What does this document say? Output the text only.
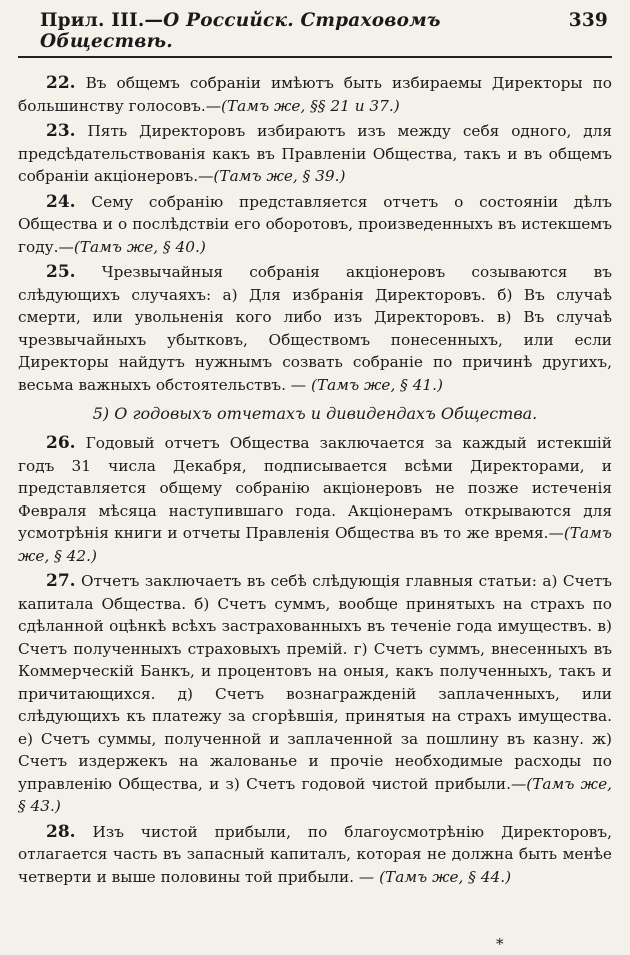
Прил. III.—О Российск. Страховомъ Обществѣ.
339

22. Въ общемъ собраніи имѣютъ быть избираемы Директоры по большинству голосовъ.—(Тамъ же, §§ 21 и 37.)

23. Пять Директоровъ избираютъ изъ между себя одного, для предсѣдательствованія какъ въ Правленіи Общества, такъ и въ общемъ собраніи акціонеровъ.—(Тамъ же, § 39.)

24. Сему собранію представляется отчетъ о состояніи дѣлъ Общества и о послѣдствіи его оборотовъ, произведенныхъ въ истекшемъ году.—(Тамъ же, § 40.)

25. Чрезвычайныя собранія акціонеровъ созываются въ слѣдующихъ случаяхъ: а) Для избранія Директоровъ. б) Въ случаѣ смерти, или увольненія кого либо изъ Директоровъ. в) Въ случаѣ чрезвычайныхъ убытковъ, Обществомъ понесенныхъ, или если Директоры найдутъ нужнымъ созвать собраніе по причинѣ другихъ, весьма важныхъ обстоятельствъ. — (Тамъ же, § 41.)

5) О годовыхъ отчетахъ и дивидендахъ Общества.

26. Годовый отчетъ Общества заключается за каждый истекшій годъ 31 числа Декабря, подписывается всѣми Директорами, и представляется общему собранію акціонеровъ не позже истеченія Февраля мѣсяца наступившаго года. Акціонерамъ открываются для усмотрѣнія книги и отчеты Правленія Общества въ то же время.—(Тамъ же, § 42.)

27. Отчетъ заключаетъ въ себѣ слѣдующія главныя статьи: а) Счетъ капитала Общества. б) Счетъ суммъ, вообще принятыхъ на страхъ по сдѣланной оцѣнкѣ всѣхъ застрахованныхъ въ теченіе года имуществъ. в) Счетъ полученныхъ страховыхъ премій. г) Счетъ суммъ, внесенныхъ въ Коммерческій Банкъ, и процентовъ на оныя, какъ полученныхъ, такъ и причитающихся. д) Счетъ вознагражденій заплаченныхъ, или слѣдующихъ къ платежу за сгорѣвшія, принятыя на страхъ имущества. е) Счетъ суммы, полученной и заплаченной за пошлину въ казну. ж) Счетъ издержекъ на жалованье и прочіе необходимые расходы по управленію Общества, и з) Счетъ годовой чистой прибыли.—(Тамъ же, § 43.)

28. Изъ чистой прибыли, по благоусмотрѣнію Директоровъ, отлагается часть въ запасный капиталъ, которая не должна быть менѣе четверти и выше половины той прибыли. — (Тамъ же, § 44.)

*
